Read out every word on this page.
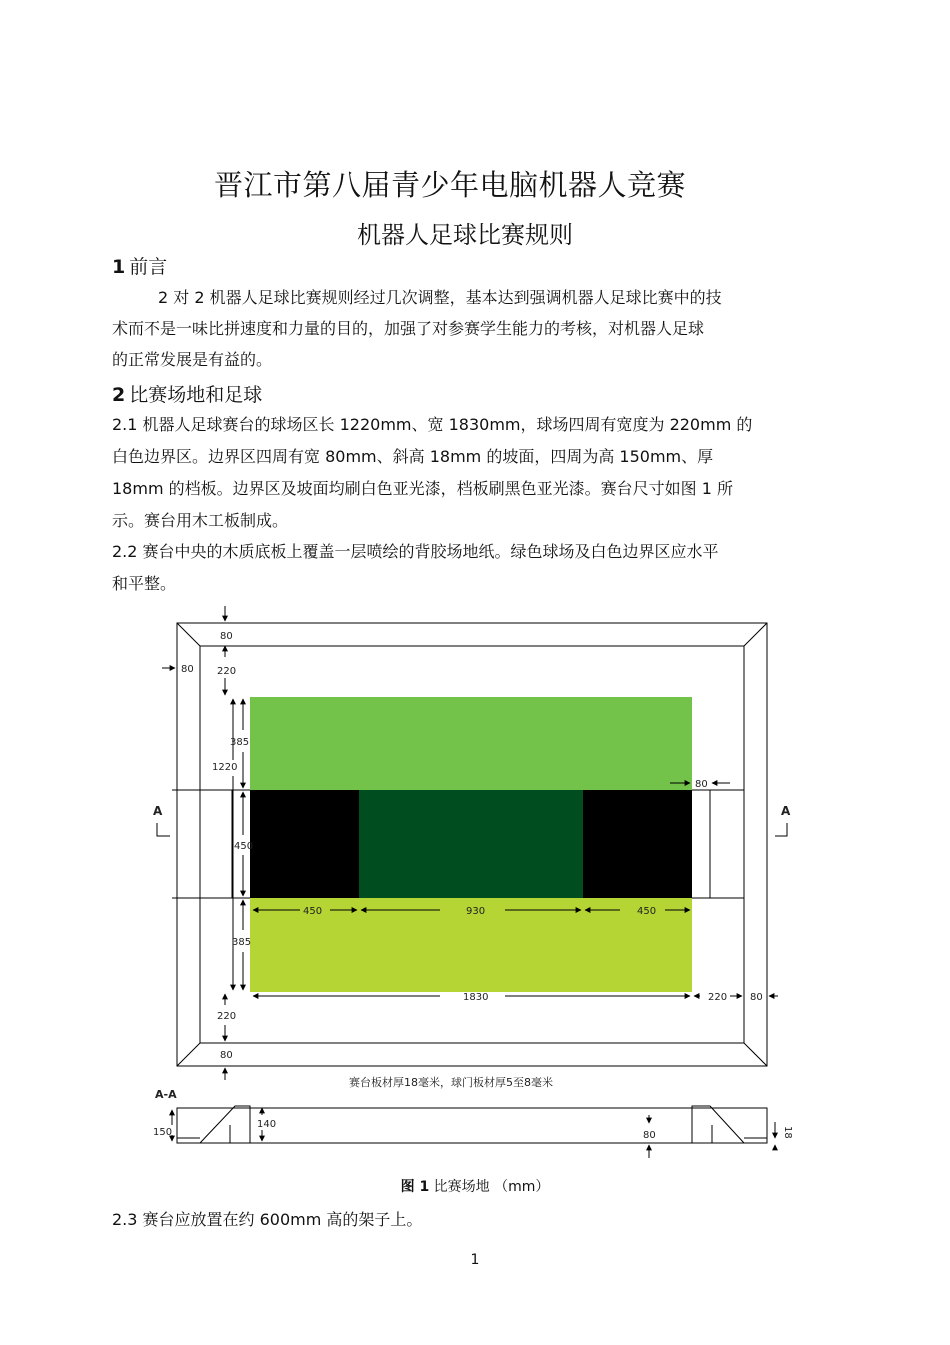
晋江市第八届青少年电脑机器人竞赛
机器人足球比赛规则
1 前言
2 对 2 机器人足球比赛规则经过几次调整，基本达到强调机器人足球比赛中的技
术而不是一味比拼速度和力量的目的，加强了对参赛学生能力的考核，对机器人足球
的正常发展是有益的。
2 比赛场地和足球
2.1 机器人足球赛台的球场区长 1220mm、宽 1830mm，球场四周有宽度为 220mm 的
白色边界区。边界区四周有宽 80mm、斜高 18mm 的坡面，四周为高 150mm、厚
18mm 的档板。边界区及坡面均刷白色亚光漆，档板刷黑色亚光漆。赛台尺寸如图 1 所
示。赛台用木工板制成。
2.2 赛台中央的木质底板上覆盖一层喷绘的背胶场地纸。绿色球场及白色边界区应水平
和平整。
80
80 220
385
1220
450
385
220
80
80
450	930	450
1830	220 80
赛台板材厚18毫米，球门板材厚5至8毫米
A	A
A-A
150
140
80	18
图 1 比赛场地 （mm）
2.3 赛台应放置在约 600mm 高的架子上。
1
